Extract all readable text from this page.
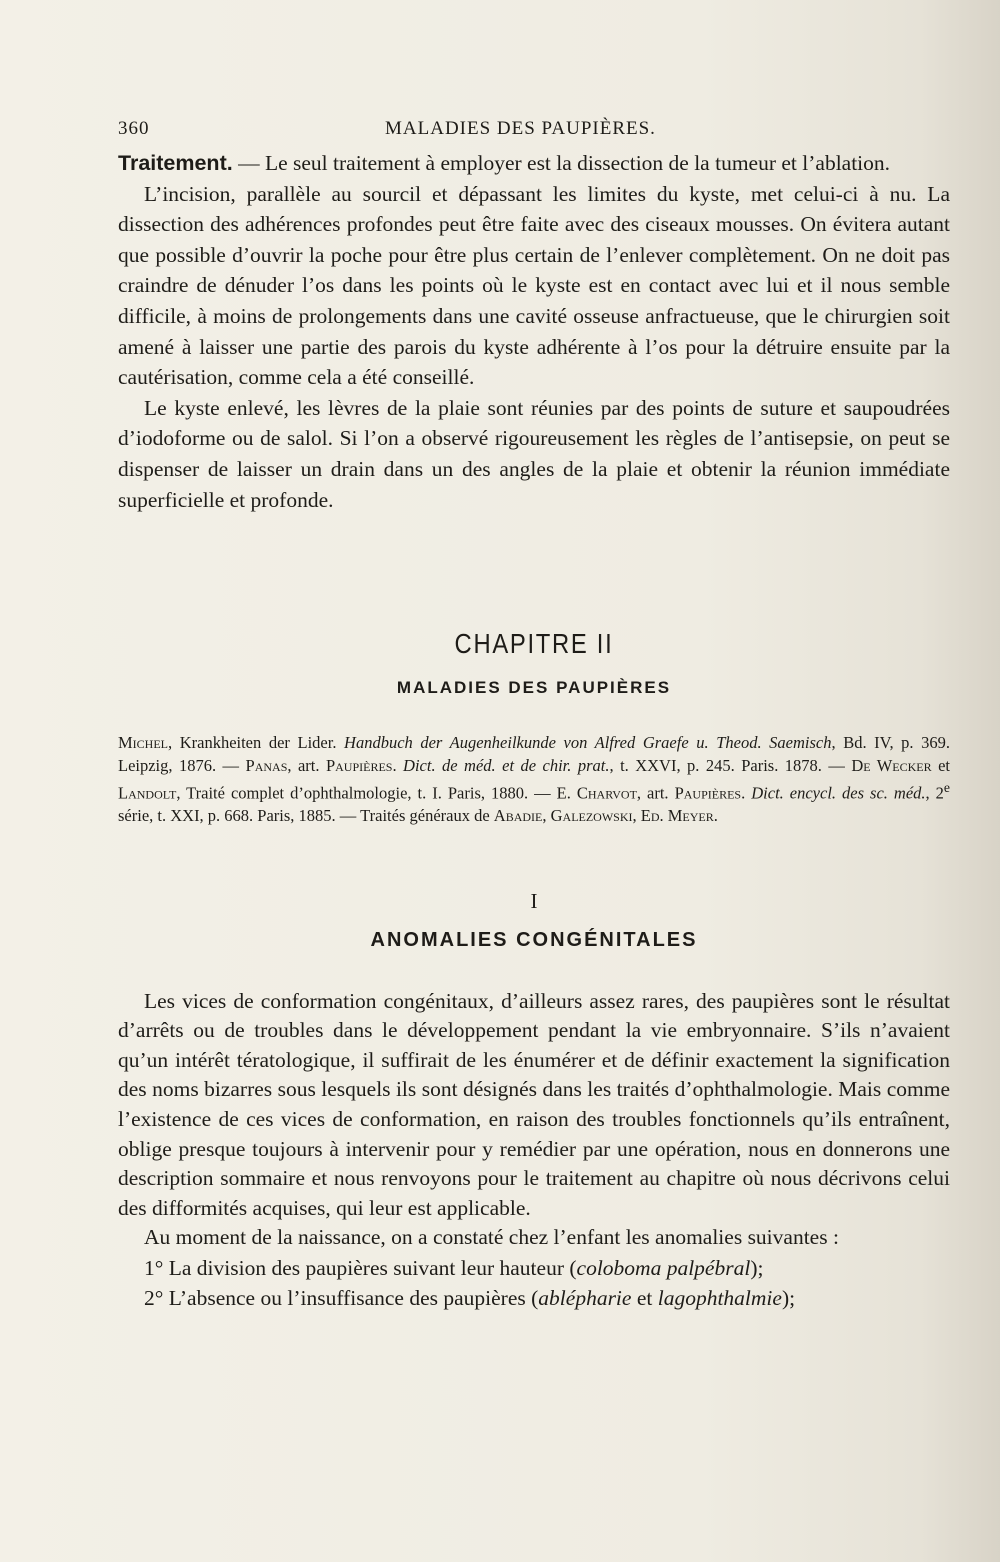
360	MALADIES DES PAUPIÈRES.

Traitement. — Le seul traitement à employer est la dissection de la tumeur et l’ablation.

L’incision, parallèle au sourcil et dépassant les limites du kyste, met celui-ci à nu. La dissection des adhérences profondes peut être faite avec des ciseaux mousses. On évitera autant que possible d’ouvrir la poche pour être plus certain de l’enlever complètement. On ne doit pas craindre de dénuder l’os dans les points où le kyste est en contact avec lui et il nous semble difficile, à moins de prolongements dans une cavité osseuse anfractueuse, que le chirurgien soit amené à laisser une partie des parois du kyste adhérente à l’os pour la détruire ensuite par la cautérisation, comme cela a été conseillé.

Le kyste enlevé, les lèvres de la plaie sont réunies par des points de suture et saupoudrées d’iodoforme ou de salol. Si l’on a observé rigoureusement les règles de l’antisepsie, on peut se dispenser de laisser un drain dans un des angles de la plaie et obtenir la réunion immédiate superficielle et profonde.

CHAPITRE II
MALADIES DES PAUPIÈRES
Michel, Krankheiten der Lider. Handbuch der Augenheilkunde von Alfred Graefe u. Theod. Saemisch, Bd. IV, p. 369. Leipzig, 1876. — Panas, art. Paupières. Dict. de méd. et de chir. prat., t. XXVI, p. 245. Paris. 1878. — De Wecker et Landolt, Traité complet d’ophthalmologie, t. I. Paris, 1880. — E. Charvot, art. Paupières. Dict. encycl. des sc. méd., 2e série, t. XXI, p. 668. Paris, 1885. — Traités généraux de Abadie, Galezowski, Ed. Meyer.
I
ANOMALIES CONGÉNITALES

Les vices de conformation congénitaux, d’ailleurs assez rares, des paupières sont le résultat d’arrêts ou de troubles dans le développement pendant la vie embryonnaire. S’ils n’avaient qu’un intérêt tératologique, il suffirait de les énumérer et de définir exactement la signification des noms bizarres sous lesquels ils sont désignés dans les traités d’ophthalmologie. Mais comme l’existence de ces vices de conformation, en raison des troubles fonctionnels qu’ils entraînent, oblige presque toujours à intervenir pour y remédier par une opération, nous en donnerons une description sommaire et nous renvoyons pour le traitement au chapitre où nous décrivons celui des difformités acquises, qui leur est applicable.

Au moment de la naissance, on a constaté chez l’enfant les anomalies suivantes :

1° La division des paupières suivant leur hauteur (coloboma palpébral);
2° L’absence ou l’insuffisance des paupières (ablépharie et lagophthalmie);
